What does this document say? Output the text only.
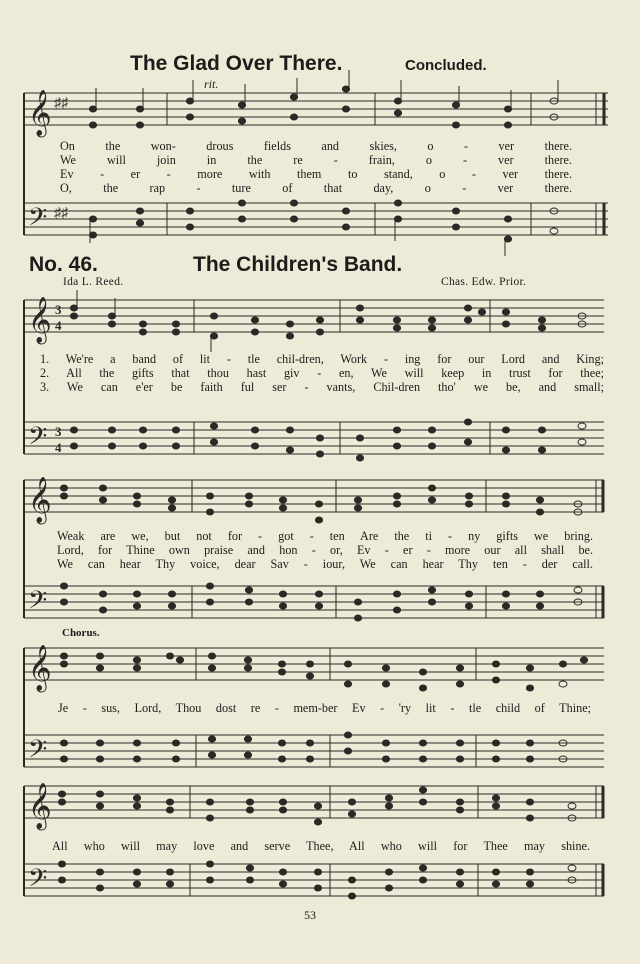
The Glad Over There.	Concluded.
rit.
𝄞
𝄢
♯♯
♯♯
On the won- drous fields and skies, o - ver there.
We will join in the re - frain, o - ver there.
Ev - er - more with them to stand, o - ver there.
O, the rap - ture of that day, o - ver there.
No. 46.	The Children's Band.
Ida L. Reed.	Chas. Edw. Prior.
𝄞
𝄢
3
4
3
4
1. We're a band of lit - tle chil-dren, Work - ing for our Lord and King;
2. All the gifts that thou hast giv - en, We will keep in trust for thee;
3. We can e'er be faith ful ser - vants, Chil-dren tho' we be, and small;
𝄞
𝄢
Weak are we, but not for - got - ten Are the ti - ny gifts we bring.
Lord, for Thine own praise and hon - or, Ev - er - more our all shall be.
We can hear Thy voice, dear Sav - iour, We can hear Thy ten - der call.
Chorus.
𝄞
𝄢
Je - sus, Lord, Thou dost re - mem-ber Ev - 'ry lit - tle child of Thine;
𝄞
𝄢
All who will may love and serve Thee, All who will for Thee may shine.
53
